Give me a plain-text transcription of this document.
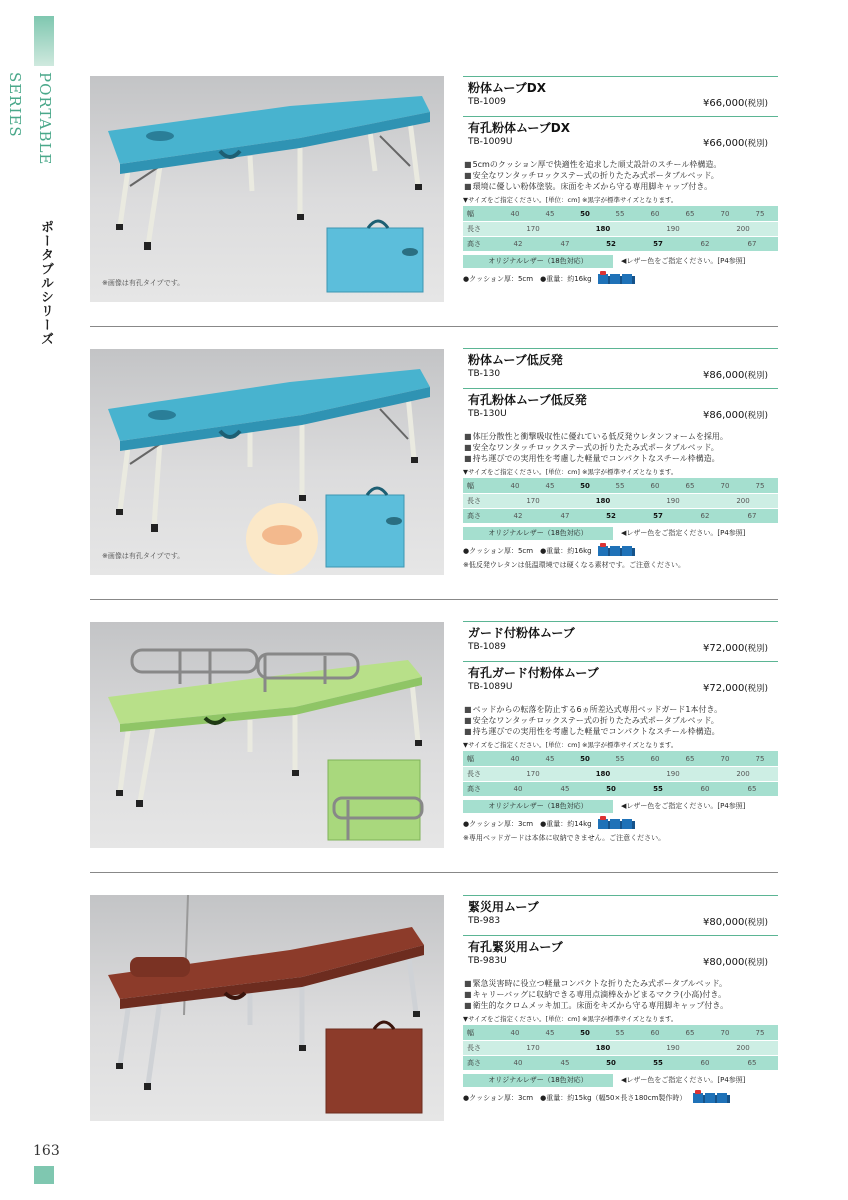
PORTABLE SERIES
ポータブルシリーズ
163
※画像は有孔タイプです。
粉体ムーブDX
TB-1009	¥66,000(税別)
有孔粉体ムーブDX
TB-1009U	¥66,000(税別)
■ 5cmのクッション厚で快適性を追求した頑丈設計のスチール枠構造。
■ 安全なワンタッチロックステー式の折りたたみ式ポータブルベッド。
■ 環境に優しい粉体塗装。床面をキズから守る専用脚キャップ付き。
▼サイズをご指定ください。[単位：cm] ※黒字が標準サイズとなります。
幅	40	45	50	55	60	65	70	75
長さ	170	180	190	200
高さ	42	47	52	57	62	67
オリジナルレザー（18色対応）	◀レザー色をご指定ください。[P4参照]
●クッション厚：5cm　●重量：約16kg
※画像は有孔タイプです。
粉体ムーブ低反発
TB-130	¥86,000(税別)
有孔粉体ムーブ低反発
TB-130U	¥86,000(税別)
■ 体圧分散性と衝撃吸収性に優れている低反発ウレタンフォームを採用。
■ 安全なワンタッチロックステー式の折りたたみ式ポータブルベッド。
■ 持ち運びでの実用性を考慮した軽量でコンパクトなスチール枠構造。
▼サイズをご指定ください。[単位：cm] ※黒字が標準サイズとなります。
幅	40	45	50	55	60	65	70	75
長さ	170	180	190	200
高さ	42	47	52	57	62	67
オリジナルレザー（18色対応）	◀レザー色をご指定ください。[P4参照]
●クッション厚：5cm　●重量：約16kg
※低反発ウレタンは低温環境では硬くなる素材です。ご注意ください。
ガード付粉体ムーブ
TB-1089	¥72,000(税別)
有孔ガード付粉体ムーブ
TB-1089U	¥72,000(税別)
■ ベッドからの転落を防止する6ヵ所差込式専用ベッドガード1本付き。
■ 安全なワンタッチロックステー式の折りたたみ式ポータブルベッド。
■ 持ち運びでの実用性を考慮した軽量でコンパクトなスチール枠構造。
▼サイズをご指定ください。[単位：cm] ※黒字が標準サイズとなります。
幅	40	45	50	55	60	65	70	75
長さ	170	180	190	200
高さ	40	45	50	55	60	65
オリジナルレザー（18色対応）	◀レザー色をご指定ください。[P4参照]
●クッション厚：3cm　●重量：約14kg
※専用ベッドガードは本体に収納できません。ご注意ください。
緊災用ムーブ
TB-983	¥80,000(税別)
有孔緊災用ムーブ
TB-983U	¥80,000(税別)
■ 緊急災害時に役立つ軽量コンパクトな折りたたみ式ポータブルベッド。
■ キャリーバッグに収納できる専用点滴棒＆かどまるマクラ(小高)付き。
■ 衛生的なクロムメッキ加工。床面をキズから守る専用脚キャップ付き。
▼サイズをご指定ください。[単位：cm] ※黒字が標準サイズとなります。
幅	40	45	50	55	60	65	70	75
長さ	170	180	190	200
高さ	40	45	50	55	60	65
オリジナルレザー（18色対応）	◀レザー色をご指定ください。[P4参照]
●クッション厚：3cm　●重量：約15kg（幅50×長さ180cm製作時）
